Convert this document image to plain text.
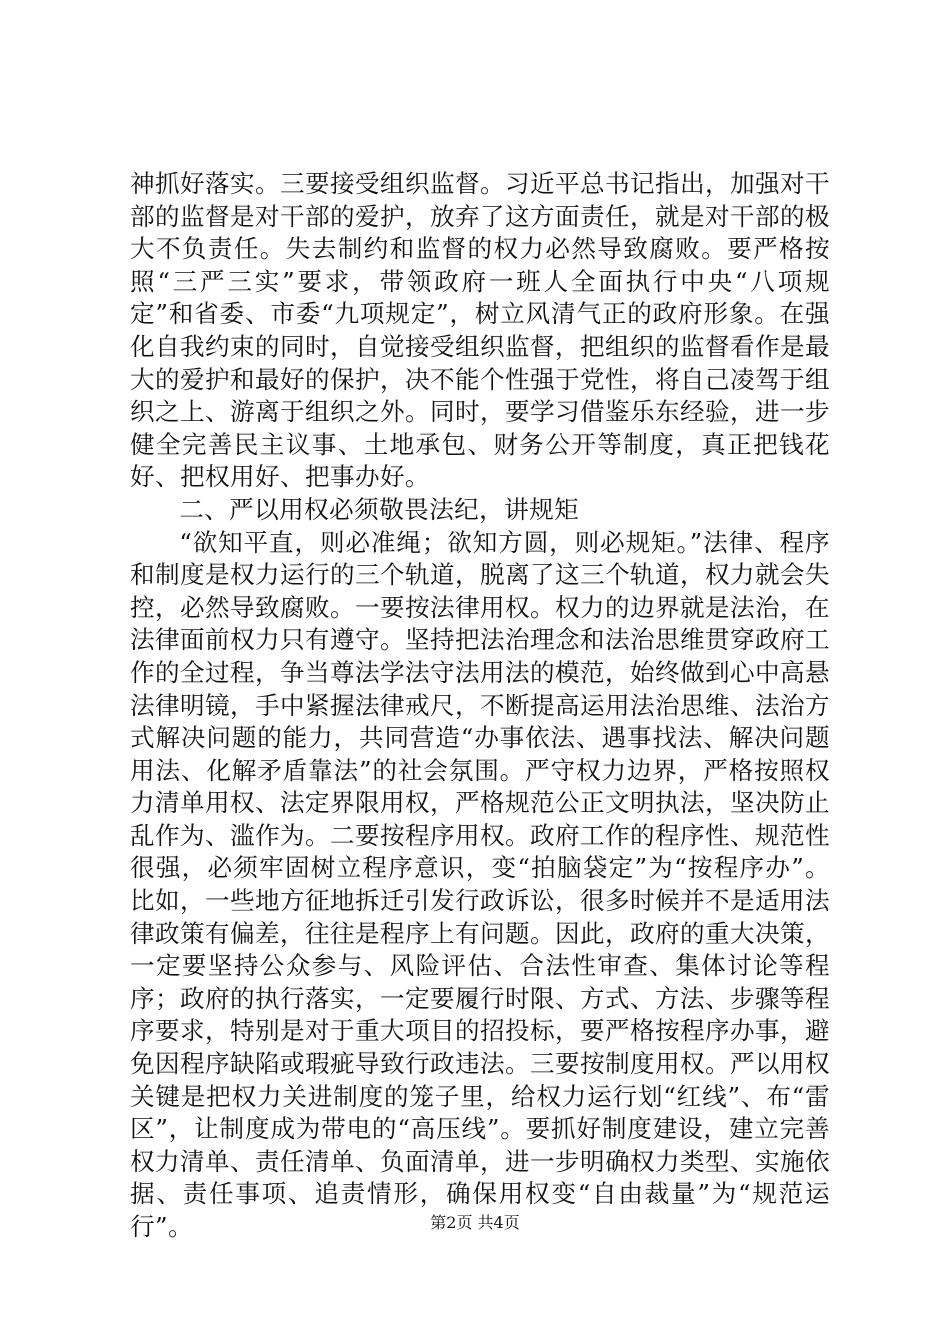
神抓好落实。三要接受组织监督。习近平总书记指出，加强对干部的监督是对干部的爱护，放弃了这方面责任，就是对干部的极大不负责任。失去制约和监督的权力必然导致腐败。要严格按照“三严三实”要求，带领政府一班人全面执行中央“八项规定”和省委、市委“九项规定”，树立风清气正的政府形象。在强化自我约束的同时，自觉接受组织监督，把组织的监督看作是最大的爱护和最好的保护，决不能个性强于党性，将自己凌驾于组织之上、游离于组织之外。同时，要学习借鉴乐东经验，进一步健全完善民主议事、土地承包、财务公开等制度，真正把钱花好、把权用好、把事办好。

二、严以用权必须敬畏法纪，讲规矩

“欲知平直，则必准绳；欲知方圆，则必规矩。”法律、程序和制度是权力运行的三个轨道，脱离了这三个轨道，权力就会失控，必然导致腐败。一要按法律用权。权力的边界就是法治，在法律面前权力只有遵守。坚持把法治理念和法治思维贯穿政府工作的全过程，争当尊法学法守法用法的模范，始终做到心中高悬法律明镜，手中紧握法律戒尺，不断提高运用法治思维、法治方式解决问题的能力，共同营造“办事依法、遇事找法、解决问题用法、化解矛盾靠法”的社会氛围。严守权力边界，严格按照权力清单用权、法定界限用权，严格规范公正文明执法，坚决防止乱作为、滥作为。二要按程序用权。政府工作的程序性、规范性很强，必须牢固树立程序意识，变“拍脑袋定”为“按程序办”。比如，一些地方征地拆迁引发行政诉讼，很多时候并不是适用法律政策有偏差，往往是程序上有问题。因此，政府的重大决策，一定要坚持公众参与、风险评估、合法性审查、集体讨论等程序；政府的执行落实，一定要履行时限、方式、方法、步骤等程序要求，特别是对于重大项目的招投标，要严格按程序办事，避免因程序缺陷或瑕疵导致行政违法。三要按制度用权。严以用权关键是把权力关进制度的笼子里，给权力运行划“红线”、布“雷区”，让制度成为带电的“高压线”。要抓好制度建设，建立完善权力清单、责任清单、负面清单，进一步明确权力类型、实施依据、责任事项、追责情形，确保用权变“自由裁量”为“规范运行”。	第2页 共4页
